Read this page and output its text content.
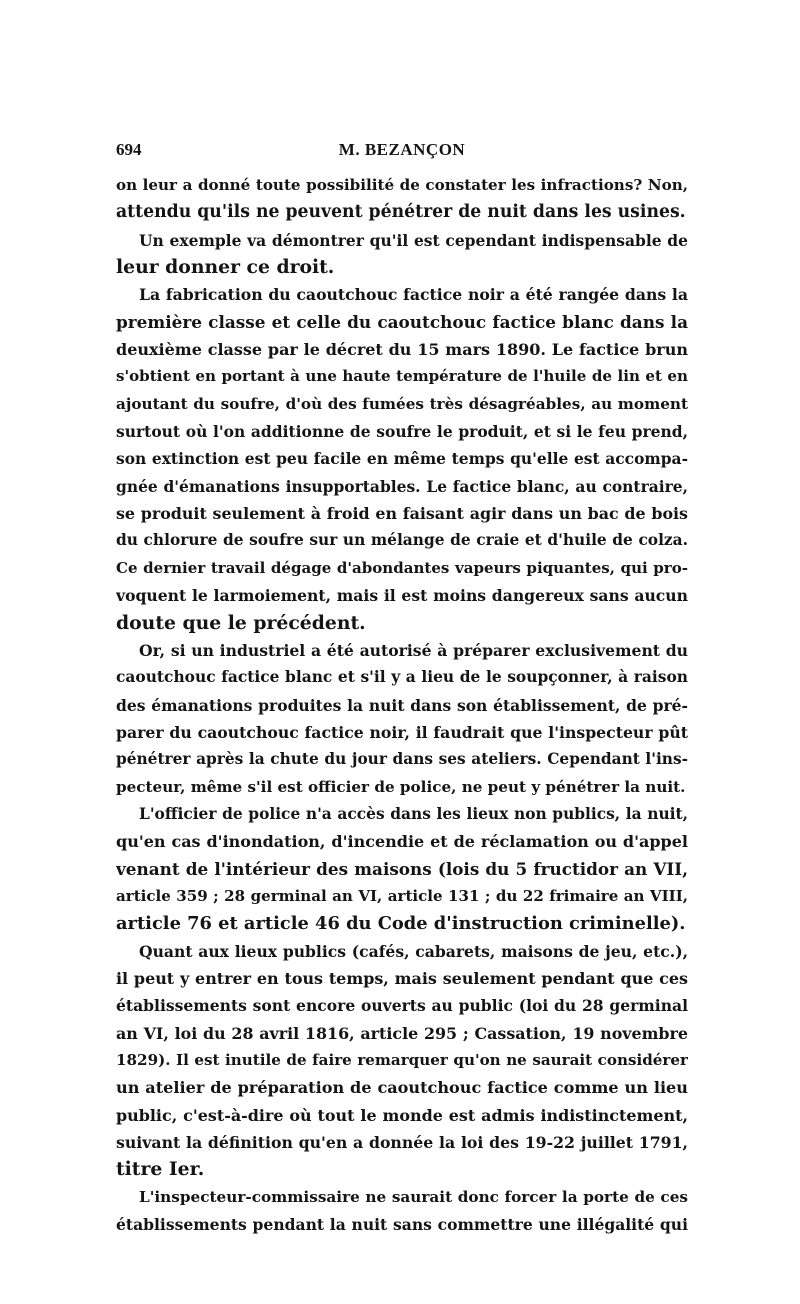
694	M. BEZANÇON
on leur a donné toute possibilité de constater les infractions? Non,
attendu qu'ils ne peuvent pénétrer de nuit dans les usines.
Un exemple va démontrer qu'il est cependant indispensable de
leur donner ce droit.
La fabrication du caoutchouc factice noir a été rangée dans la
première classe et celle du caoutchouc factice blanc dans la
deuxième classe par le décret du 15 mars 1890. Le factice brun
s'obtient en portant à une haute température de l'huile de lin et en
ajoutant du soufre, d'où des fumées très désagréables, au moment
surtout où l'on additionne de soufre le produit, et si le feu prend,
son extinction est peu facile en même temps qu'elle est accompa-
gnée d'émanations insupportables. Le factice blanc, au contraire,
se produit seulement à froid en faisant agir dans un bac de bois
du chlorure de soufre sur un mélange de craie et d'huile de colza.
Ce dernier travail dégage d'abondantes vapeurs piquantes, qui pro-
voquent le larmoiement, mais il est moins dangereux sans aucun
doute que le précédent.
Or, si un industriel a été autorisé à préparer exclusivement du
caoutchouc factice blanc et s'il y a lieu de le soupçonner, à raison
des émanations produites la nuit dans son établissement, de pré-
parer du caoutchouc factice noir, il faudrait que l'inspecteur pût
pénétrer après la chute du jour dans ses ateliers. Cependant l'ins-
pecteur, même s'il est officier de police, ne peut y pénétrer la nuit.
L'officier de police n'a accès dans les lieux non publics, la nuit,
qu'en cas d'inondation, d'incendie et de réclamation ou d'appel
venant de l'intérieur des maisons (lois du 5 fructidor an VII,
article 359 ; 28 germinal an VI, article 131 ; du 22 frimaire an VIII,
article 76 et article 46 du Code d'instruction criminelle).
Quant aux lieux publics (cafés, cabarets, maisons de jeu, etc.),
il peut y entrer en tous temps, mais seulement pendant que ces
établissements sont encore ouverts au public (loi du 28 germinal
an VI, loi du 28 avril 1816, article 295 ; Cassation, 19 novembre
1829). Il est inutile de faire remarquer qu'on ne saurait considérer
un atelier de préparation de caoutchouc factice comme un lieu
public, c'est-à-dire où tout le monde est admis indistinctement,
suivant la définition qu'en a donnée la loi des 19-22 juillet 1791,
titre Ier.
L'inspecteur-commissaire ne saurait donc forcer la porte de ces
établissements pendant la nuit sans commettre une illégalité qui
